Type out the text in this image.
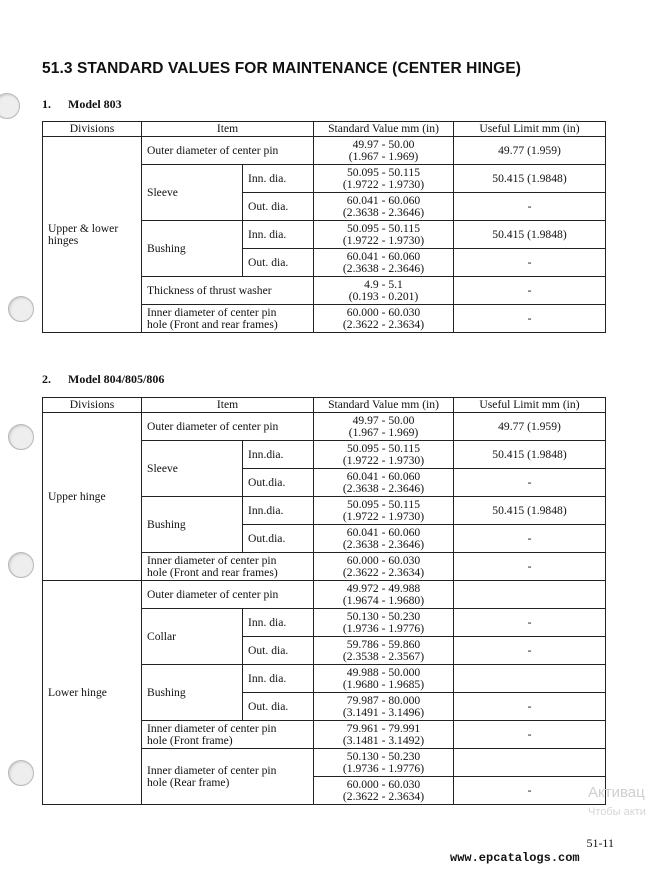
51.3 STANDARD VALUES FOR MAINTENANCE (CENTER HINGE)
1. Model 803
Divisions	Item		Standard Value mm (in)	Useful Limit mm (in)
Upper & lower hinges	Outer diameter of center pin		49.97 - 50.00
(1.967 - 1.969)	49.77 (1.959)
	Sleeve	Inn. dia.	50.095 - 50.115
(1.9722 - 1.9730)	50.415 (1.9848)
		Out. dia.	60.041 - 60.060
(2.3638 - 2.3646)	-
	Bushing	Inn. dia.	50.095 - 50.115
(1.9722 - 1.9730)	50.415 (1.9848)
		Out. dia.	60.041 - 60.060
(2.3638 - 2.3646)	-
	Thickness of thrust washer		4.9 - 5.1
(0.193 - 0.201)	-
	Inner diameter of center pin
hole (Front and rear frames)		60.000 - 60.030
(2.3622 - 2.3634)	-
2. Model 804/805/806
Divisions	Item		Standard Value mm (in)	Useful Limit mm (in)
Upper hinge	Outer diameter of center pin		49.97 - 50.00
(1.967 - 1.969)	49.77 (1.959)
	Sleeve	Inn.dia.	50.095 - 50.115
(1.9722 - 1.9730)	50.415 (1.9848)
		Out.dia.	60.041 - 60.060
(2.3638 - 2.3646)	-
	Bushing	Inn.dia.	50.095 - 50.115
(1.9722 - 1.9730)	50.415 (1.9848)
		Out.dia.	60.041 - 60.060
(2.3638 - 2.3646)	-
	Inner diameter of center pin
hole (Front and rear frames)		60.000 - 60.030
(2.3622 - 2.3634)	-
Lower hinge	Outer diameter of center pin		49.972 - 49.988
(1.9674 - 1.9680)	
	Collar	Inn. dia.	50.130 - 50.230
(1.9736 - 1.9776)	-
		Out. dia.	59.786 - 59.860
(2.3538 - 2.3567)	-
	Bushing	Inn. dia.	49.988 - 50.000
(1.9680 - 1.9685)	
		Out. dia.	79.987 - 80.000
(3.1491 - 3.1496)	-
	Inner diameter of center pin
hole (Front frame)		79.961 - 79.991
(3.1481 - 3.1492)	-
	Inner diameter of center pin
hole (Rear frame)		50.130 - 50.230
(1.9736 - 1.9776)	
			60.000 - 60.030
(2.3622 - 2.3634)	-	Активац
Чтобы акти
51-11
www.epcatalogs.com
